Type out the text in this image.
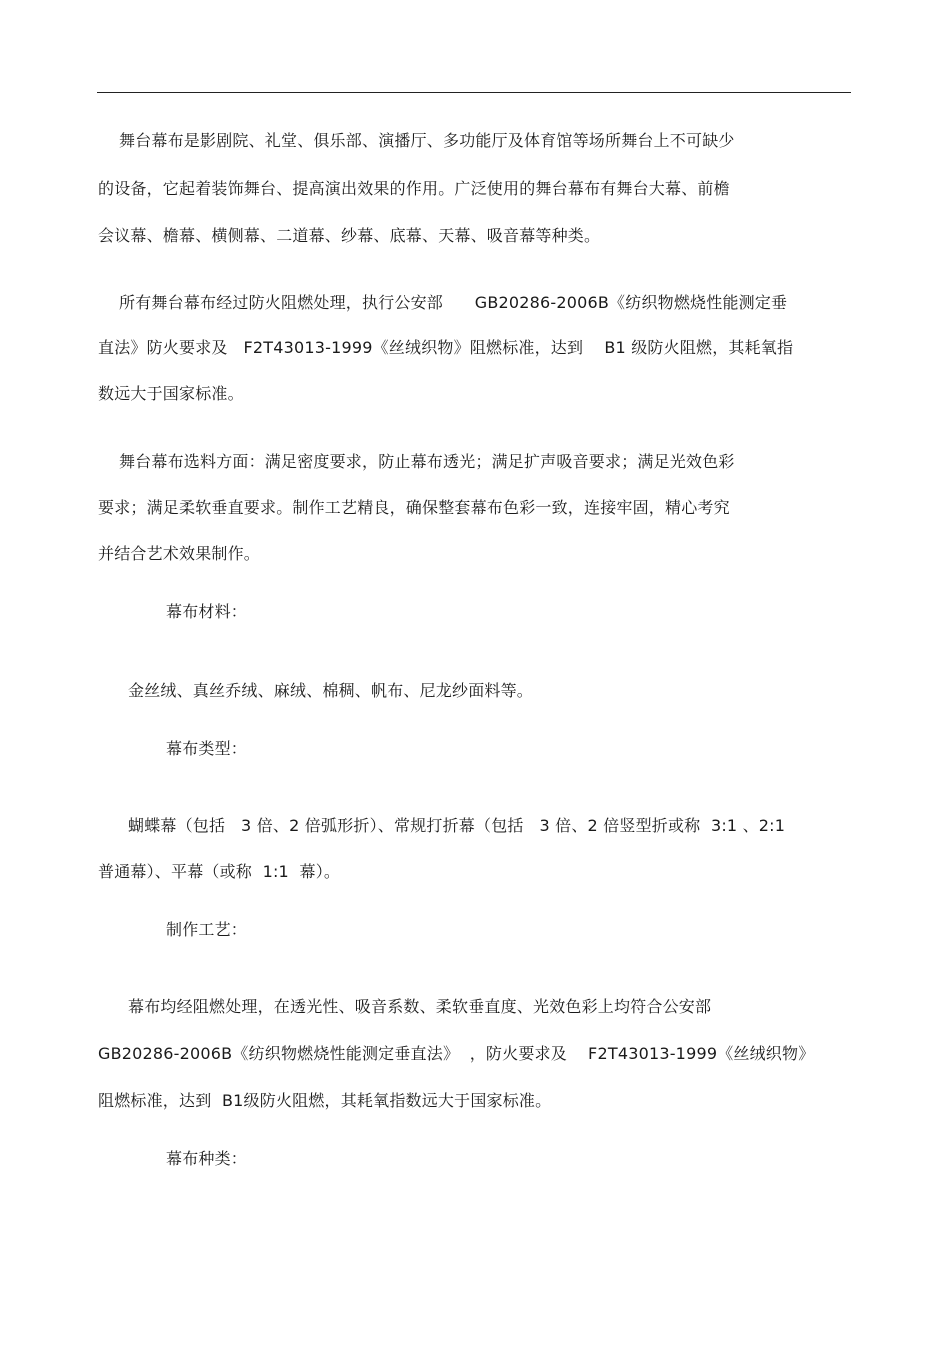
舞台幕布是影剧院、礼堂、俱乐部、演播厅、多功能厅及体育馆等场所舞台上不可缺少
的设备，它起着装饰舞台、提高演出效果的作用。广泛使用的舞台幕布有舞台大幕、前檐
会议幕、檐幕、横侧幕、二道幕、纱幕、底幕、天幕、吸音幕等种类。
所有舞台幕布经过防火阻燃处理，执行公安部      GB20286-2006B《纺织物燃烧性能测定垂
直法》防火要求及   F2T43013-1999《丝绒织物》阻燃标准，达到    B1 级防火阻燃，其耗氧指
数远大于国家标准。
舞台幕布选料方面：满足密度要求，防止幕布透光；满足扩声吸音要求；满足光效色彩
要求；满足柔软垂直要求。制作工艺精良，确保整套幕布色彩一致，连接牢固，精心考究
并结合艺术效果制作。
幕布材料：
金丝绒、真丝乔绒、麻绒、棉稠、帆布、尼龙纱面料等。
幕布类型：
蝴蝶幕（包括   3 倍、2 倍弧形折）、常规打折幕（包括   3 倍、2 倍竖型折或称  3:1 、2:1
普通幕）、平幕（或称  1:1  幕）。
制作工艺：
幕布均经阻燃处理，在透光性、吸音系数、柔软垂直度、光效色彩上均符合公安部
GB20286-2006B《纺织物燃烧性能测定垂直法》  ，防火要求及    F2T43013-1999《丝绒织物》
阻燃标准，达到  B1级防火阻燃，其耗氧指数远大于国家标准。
幕布种类：
